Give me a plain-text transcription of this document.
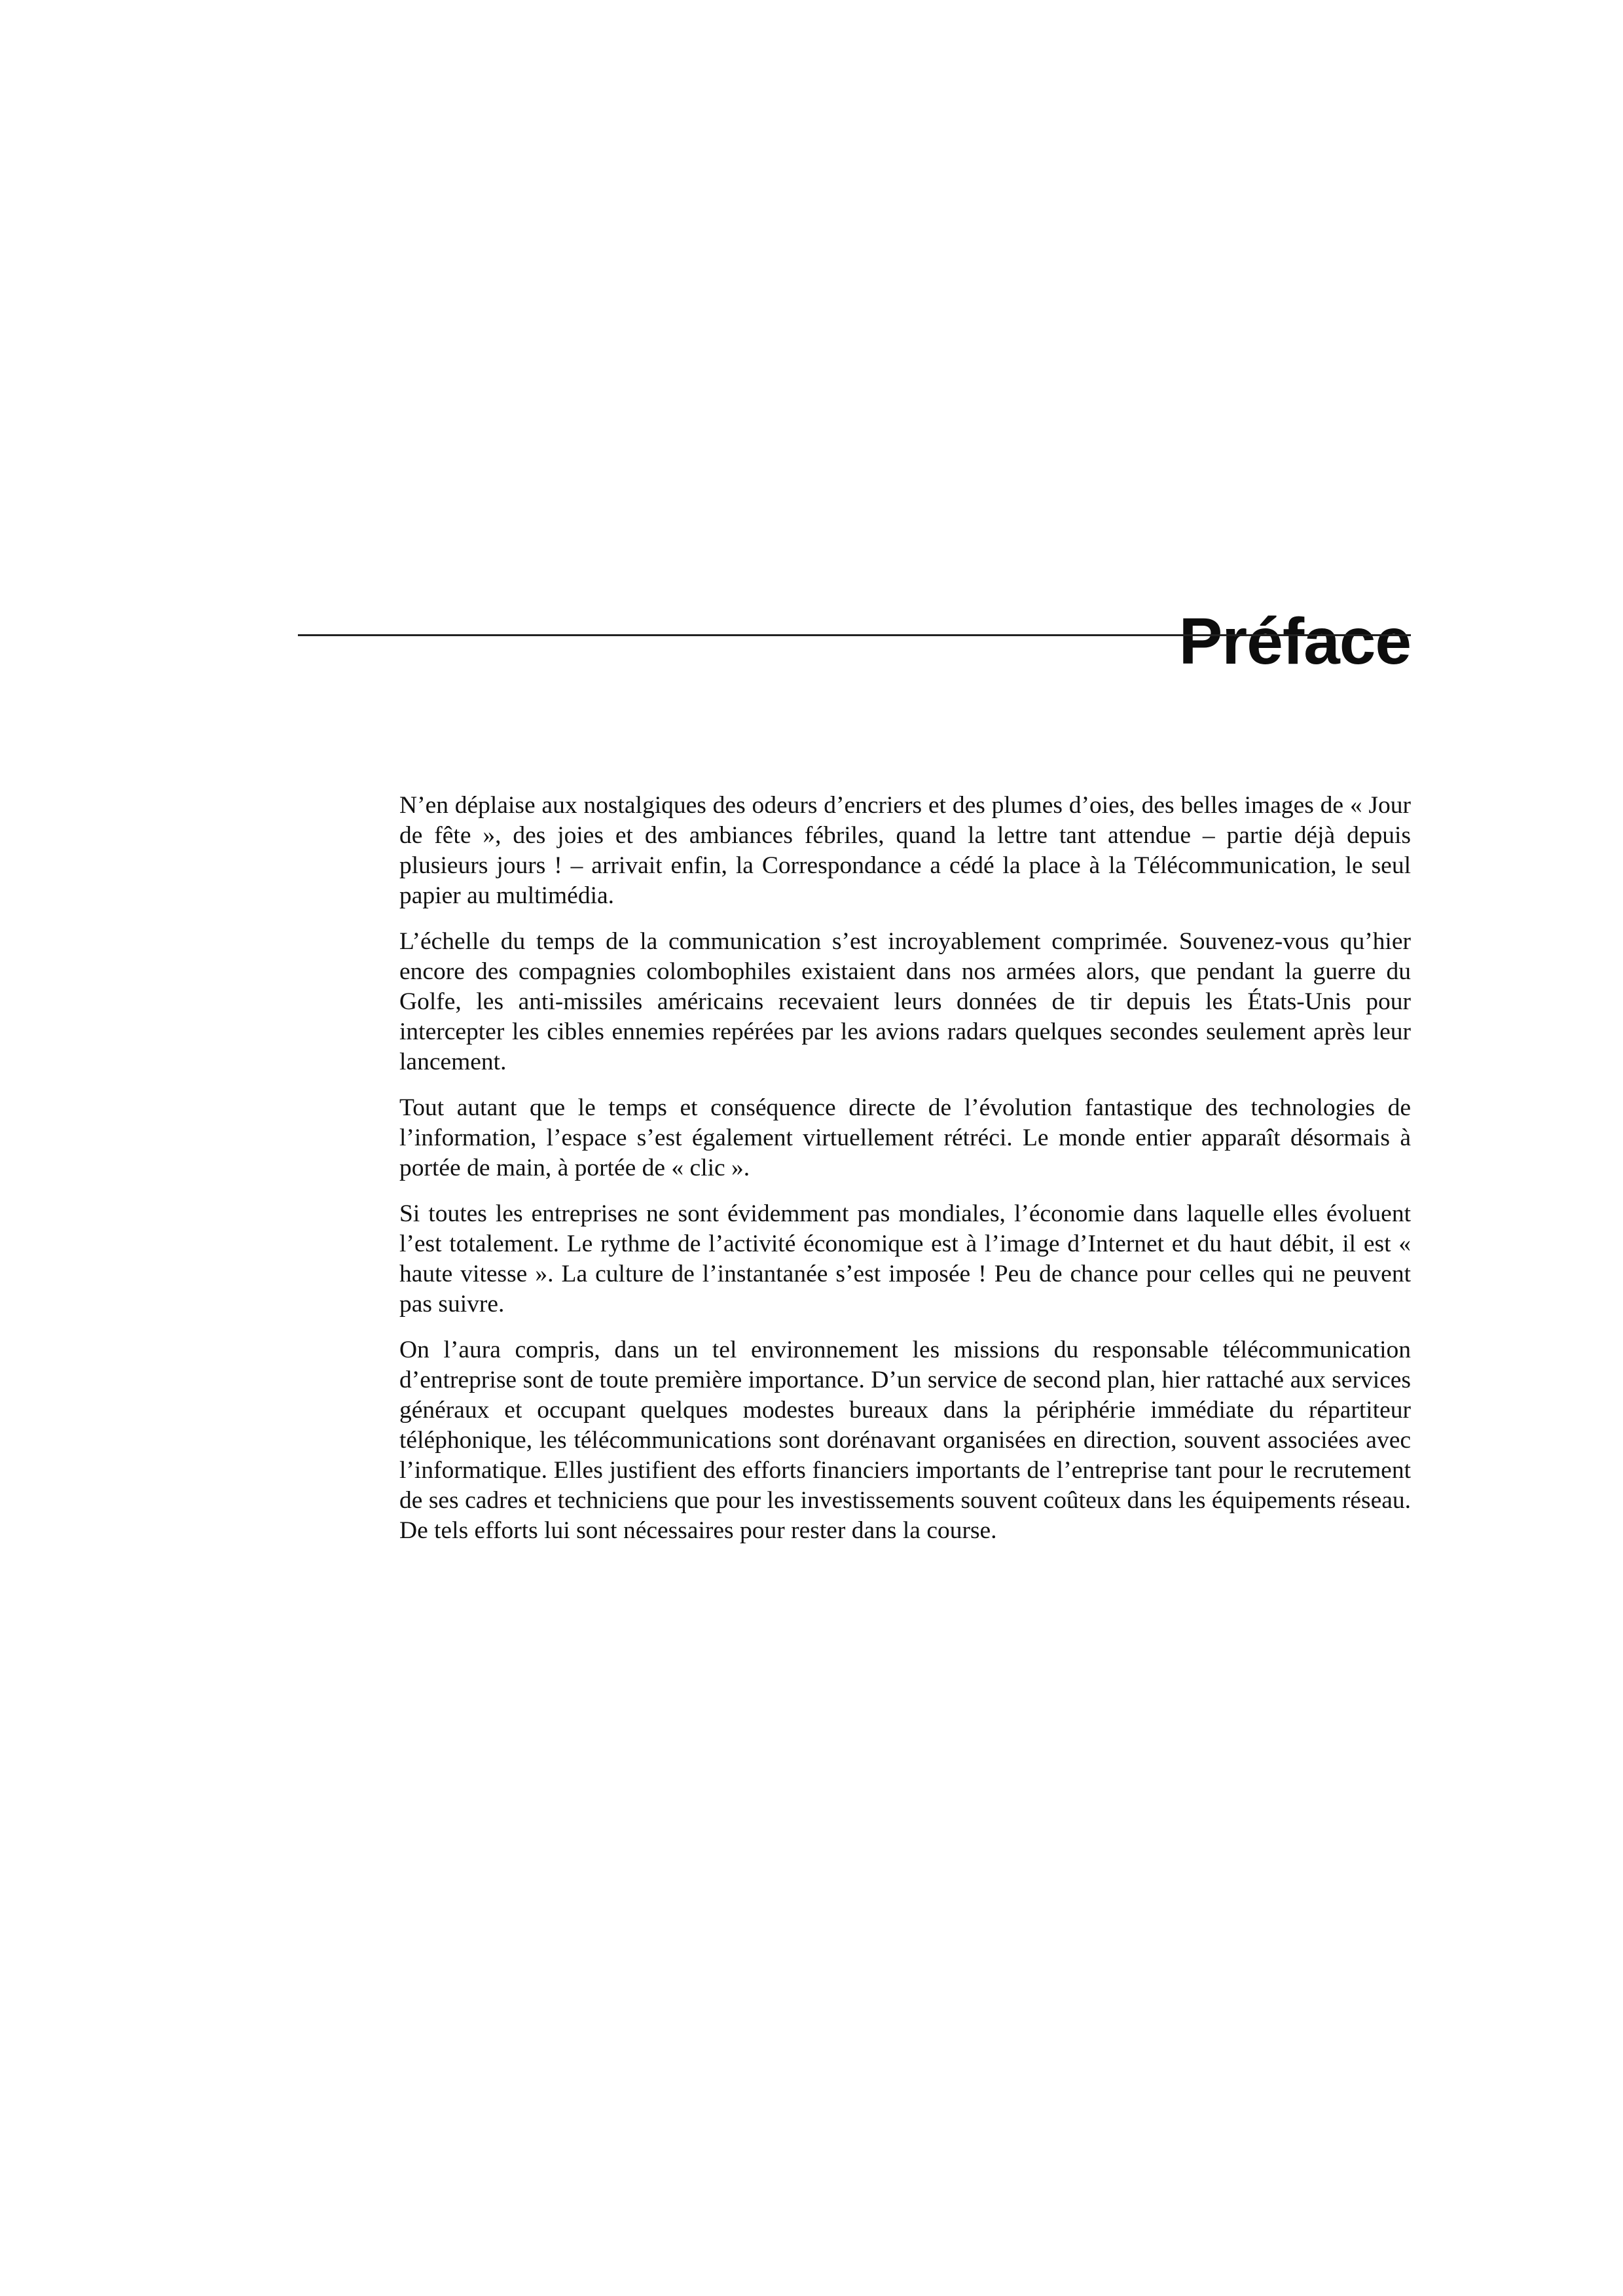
Préface

N’en déplaise aux nostalgiques des odeurs d’encriers et des plumes d’oies, des belles images de « Jour de fête », des joies et des ambiances fébriles, quand la lettre tant attendue – partie déjà depuis plusieurs jours ! – arrivait enfin, la Correspondance a cédé la place à la Télécommunication, le seul papier au multimédia.

L’échelle du temps de la communication s’est incroyablement comprimée. Souvenez-vous qu’hier encore des compagnies colombophiles existaient dans nos armées alors, que pendant la guerre du Golfe, les anti-missiles américains recevaient leurs données de tir depuis les États-Unis pour intercepter les cibles ennemies repérées par les avions radars quelques secondes seulement après leur lancement.

Tout autant que le temps et conséquence directe de l’évolution fantastique des technologies de l’information, l’espace s’est également virtuellement rétréci. Le monde entier apparaît désormais à portée de main, à portée de « clic ».

Si toutes les entreprises ne sont évidemment pas mondiales, l’économie dans laquelle elles évoluent l’est totalement. Le rythme de l’activité économique est à l’image d’Internet et du haut débit, il est « haute vitesse ». La culture de l’instantanée s’est imposée ! Peu de chance pour celles qui ne peuvent pas suivre.

On l’aura compris, dans un tel environnement les missions du responsable télécommunication d’entreprise sont de toute première importance. D’un service de second plan, hier rattaché aux services généraux et occupant quelques modestes bureaux dans la périphérie immédiate du répartiteur téléphonique, les télécommunications sont dorénavant organisées en direction, souvent associées avec l’informatique. Elles justifient des efforts financiers importants de l’entreprise tant pour le recrutement de ses cadres et techniciens que pour les investissements souvent coûteux dans les équipements réseau. De tels efforts lui sont nécessaires pour rester dans la course.
